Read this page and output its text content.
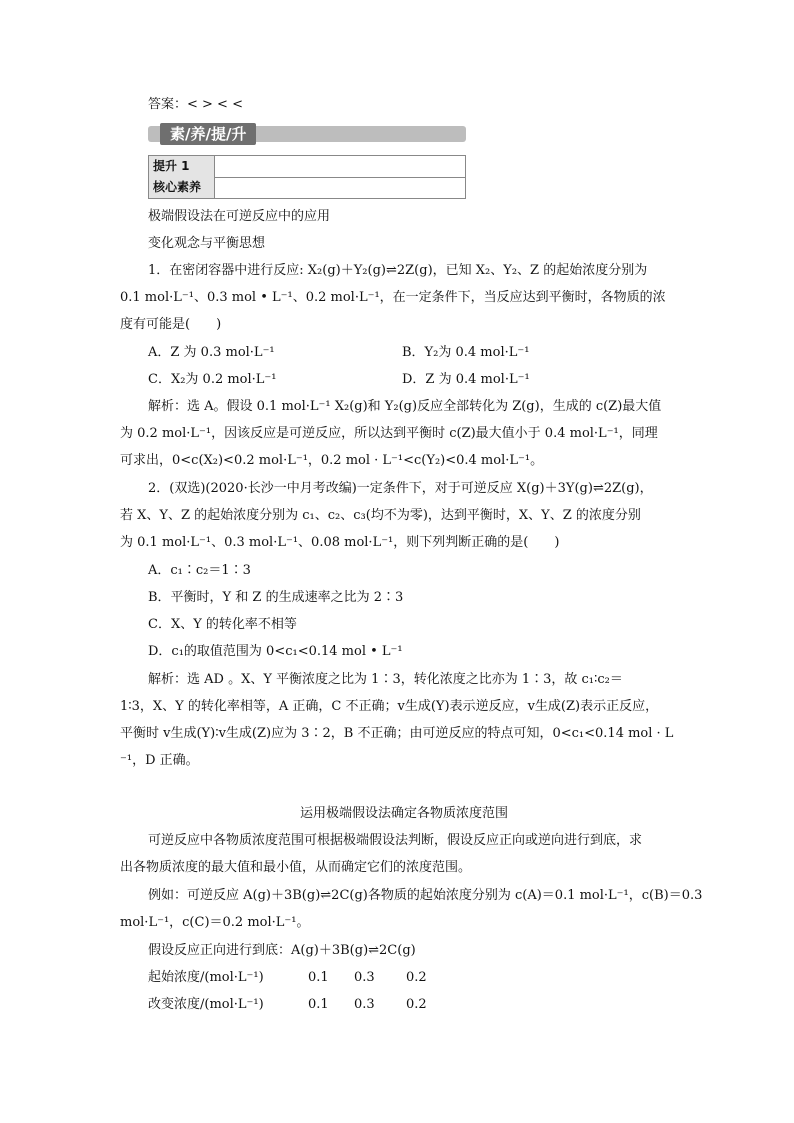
答案：< > < <
素/养/提/升
提升 1
核心素养
极端假设法在可逆反应中的应用
变化观念与平衡思想
1．在密闭容器中进行反应: X₂(g)＋Y₂(g)⇌2Z(g)，已知 X₂、Y₂、Z 的起始浓度分别为
0.1 mol·L⁻¹、0.3 mol • L⁻¹、0.2 mol·L⁻¹，在一定条件下，当反应达到平衡时，各物质的浓
度有可能是(　　)
A．Z 为 0.3 mol·L⁻¹	B．Y₂为 0.4 mol·L⁻¹
C．X₂为 0.2 mol·L⁻¹	D．Z 为 0.4 mol·L⁻¹
解析：选 A。假设 0.1 mol·L⁻¹ X₂(g)和 Y₂(g)反应全部转化为 Z(g)，生成的 c(Z)最大值
为 0.2 mol·L⁻¹，因该反应是可逆反应，所以达到平衡时 c(Z)最大值小于 0.4 mol·L⁻¹，同理
可求出，0<c(X₂)<0.2 mol·L⁻¹，0.2 mol · L⁻¹<c(Y₂)<0.4 mol·L⁻¹。
2．(双选)(2020·长沙一中月考改编)一定条件下，对于可逆反应 X(g)＋3Y(g)⇌2Z(g)，
若 X、Y、Z 的起始浓度分别为 c₁、c₂、c₃(均不为零)，达到平衡时，X、Y、Z 的浓度分别
为 0.1 mol·L⁻¹、0.3 mol·L⁻¹、0.08 mol·L⁻¹，则下列判断正确的是(　　)
A．c₁∶c₂＝1∶3
B．平衡时，Y 和 Z 的生成速率之比为 2∶3
C．X、Y 的转化率不相等
D．c₁的取值范围为 0<c₁<0.14 mol • L⁻¹
解析：选 AD 。X、Y 平衡浓度之比为 1∶3，转化浓度之比亦为 1∶3，故 c₁∶c₂＝
1∶3，X、Y 的转化率相等，A 正确，C 不正确；v生成(Y)表示逆反应，v生成(Z)表示正反应，
平衡时 v生成(Y)∶v生成(Z)应为 3∶2，B 不正确；由可逆反应的特点可知，0<c₁<0.14 mol · L
⁻¹，D 正确。
运用极端假设法确定各物质浓度范围
可逆反应中各物质浓度范围可根据极端假设法判断，假设反应正向或逆向进行到底，求
出各物质浓度的最大值和最小值，从而确定它们的浓度范围。
例如：可逆反应 A(g)＋3B(g)⇌2C(g)各物质的起始浓度分别为 c(A)＝0.1 mol·L⁻¹，c(B)＝0.3
mol·L⁻¹，c(C)＝0.2 mol·L⁻¹。
假设反应正向进行到底：A(g)＋3B(g)⇌2C(g)
起始浓度/(mol·L⁻¹)	0.1 0.3 0.2
改变浓度/(mol·L⁻¹)	0.1 0.3 0.2
